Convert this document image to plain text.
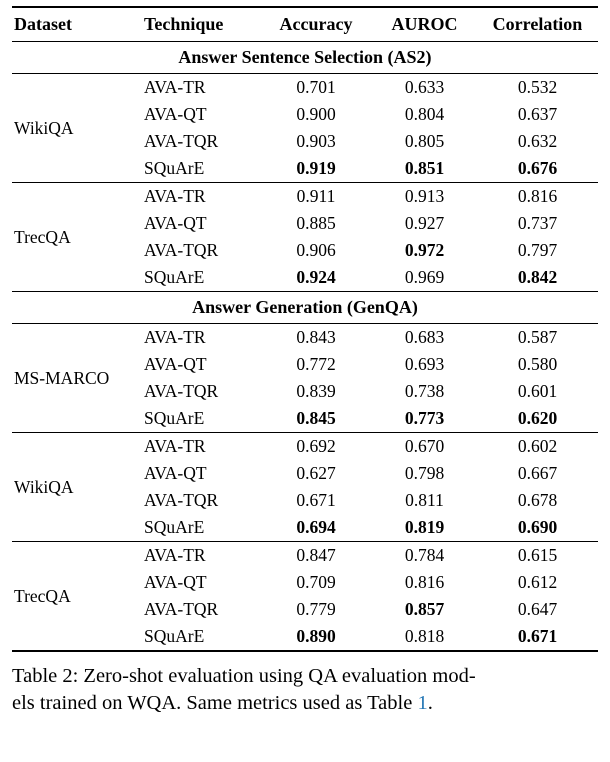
Dataset	Technique	Accuracy	AUROC	Correlation
Answer Sentence Selection (AS2)				
WikiQA	AVA-TR	0.701	0.633	0.532
	AVA-QT	0.900	0.804	0.637
	AVA-TQR	0.903	0.805	0.632
	SQuArE	0.919	0.851	0.676
TrecQA	AVA-TR	0.911	0.913	0.816
	AVA-QT	0.885	0.927	0.737
	AVA-TQR	0.906	0.972	0.797
	SQuArE	0.924	0.969	0.842
Answer Generation (GenQA)				
MS-MARCO	AVA-TR	0.843	0.683	0.587
	AVA-QT	0.772	0.693	0.580
	AVA-TQR	0.839	0.738	0.601
	SQuArE	0.845	0.773	0.620
WikiQA	AVA-TR	0.692	0.670	0.602
	AVA-QT	0.627	0.798	0.667
	AVA-TQR	0.671	0.811	0.678
	SQuArE	0.694	0.819	0.690
TrecQA	AVA-TR	0.847	0.784	0.615
	AVA-QT	0.709	0.816	0.612
	AVA-TQR	0.779	0.857	0.647
	SQuArE	0.890	0.818	0.671
Table 2: Zero-shot evaluation using QA evaluation mod-
els trained on WQA. Same metrics used as Table 1.
